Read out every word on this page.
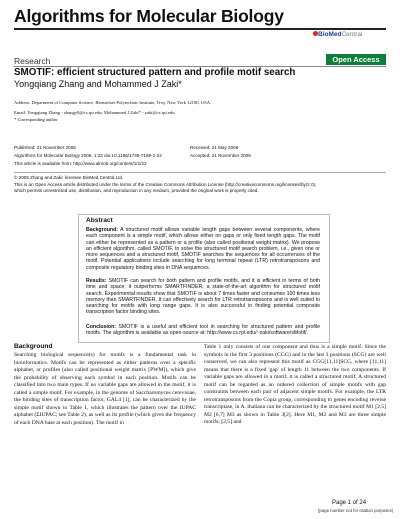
Algorithms for Molecular Biology
BioMedCentral
Research	Open Access
SMOTIF: efficient structured pattern and profile motif search
Yongqiang Zhang and Mohammed J Zaki*
Address: Department of Computer Science, Rensselaer Polytechnic Institute, Troy, New York 12180, USA
Email: Yongqiang Zhang - zhangy8@cs.rpi.edu; Mohammed J Zaki* - zaki@cs.rpi.edu
* Corresponding author
Published: 21 November 2006	Received: 21 May 2006
Algorithms for Molecular Biology 2006, 1:22 doi:10.1186/1748-7188-1-22	Accepted: 21 November 2006
This article is available from: http://www.almob.org/content/1/1/22
© 2006 Zhang and Zaki; licensee BioMed Central Ltd.
This is an Open Access article distributed under the terms of the Creative Commons Attribution License (http://creativecommons.org/licenses/by/2.0),
which permits unrestricted use, distribution, and reproduction in any medium, provided the original work is properly cited.
Abstract
Background: A structured motif allows variable length gaps between several components, where each component is a simple motif, which allows either no gaps or only fixed length gaps. The motif can either be represented as a pattern or a profile (also called positional weight matrix). We propose an efficient algorithm, called SMOTIF, to solve the structured motif search problem, i.e., given one or more sequences and a structured motif, SMOTIF searches the sequences for all occurrences of the motif. Potential applications include searching for long terminal repeat (LTR) retrotransposons and composite regulatory binding sites in DNA sequences.
Results: SMOTIF can search for both pattern and profile motifs, and it is efficient in terms of both time and space; it outperforms SMARTFINDER, a state-of-the-art algorithm for structured motif search. Experimental results show that SMOTIF is about 7 times faster and consumes 100 times less memory than SMARTFINDER. It can effectively search for LTR retrotransposons and is well suited to searching for motifs with long range gaps. It is also successful in finding potential composite transcription factor binding sites.
Conclusion: SMOTIF is a useful and efficient tool in searching for structured pattern and profile motifs. The algorithm is available as open-source at: http://www.cs.rpi.edu/~zaki/software/sMotif/.
Background
Searching biological sequence(s) for motifs is a fundamental task in bioinformatics. Motifs can be represented as either patterns over a specific alphabet, or profiles (also called positional weight matrix [PWM]), which give the probability of observing each symbol in each position. Motifs can be classified into two main types. If no variable gaps are allowed in the motif, it is called a simple motif. For example, in the genome of Saccharomyces cerevisiae, the binding sites of transcription factor, GAL4 [1], can be characterized by the simple motif shown in Table 1, which illustrates the pattern over the IUPAC alphabet (ΣIUPAC; see Table 2), as well as its profile (which gives the frequency of each DNA base at each position). The motif in
Table 1 only consists of one component and thus is a simple motif. Since the symbols in the first 3 positions (CGG) and in the last 3 positions (SCG) are well conserved, we can also represent this motif as CGG[11,11]SCG, where [11,11] means that there is a fixed 'gap' of length 11 between the two components. If variable gaps are allowed in a motif, it is called a structured motif. A structured motif can be regarded as an ordered collection of simple motifs with gap constraints between each pair of adjacent simple motifs. For example, the LTR retrotransposons from the Copia group, corresponding to genes encoding reverse transcriptase, in A. thaliana can be characterized by the structured motif M1 [2,5] M2 [6,7] M3 as shown in Table 3[2]. Here M1, M2 and M3 are three simple motifs; [2,5] and
Page 1 of 24
(page number not for citation purposes)
